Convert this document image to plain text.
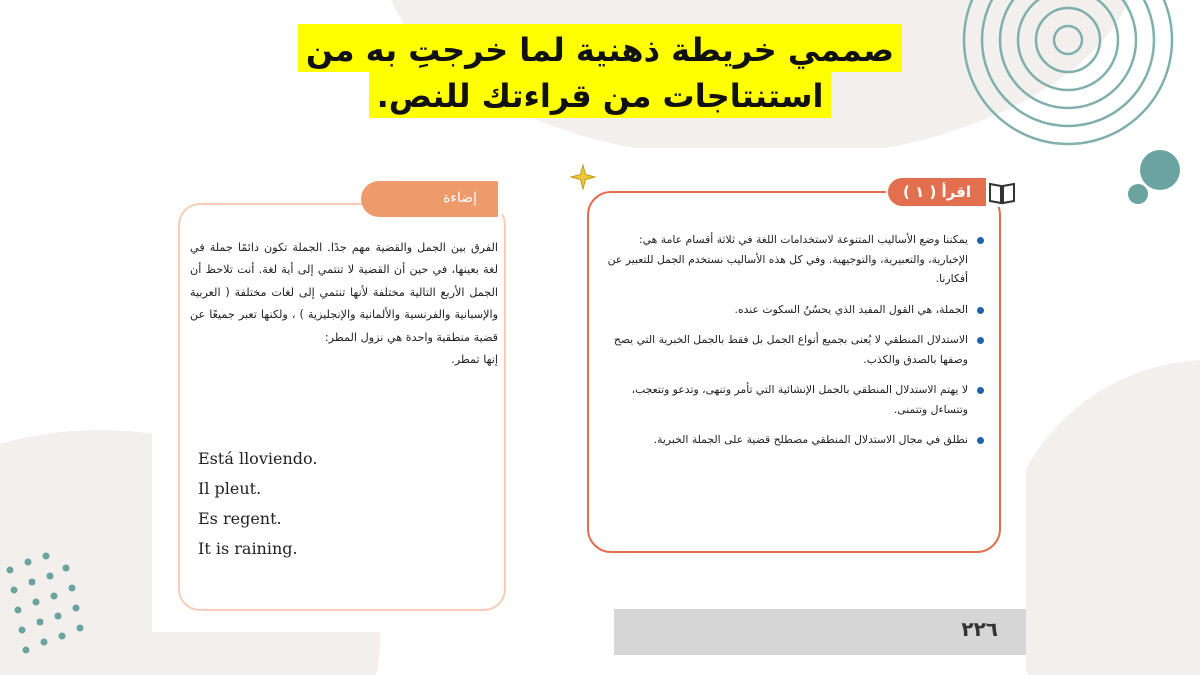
صممي خريطة ذهنية لما خرجتِ به من
استنتاجات من قراءتك للنص.
إضاءة

الفرق بين الجمل والقضية مهم جدًا. الجملة تكون دائمًا جملة في لغة بعينها، في حين أن القضية لا تنتمي إلى أية لغة. أنت تلاحظ أن الجمل الأربع التالية مختلفة لأنها تنتمي إلى لغات مختلفة ( العربية والإسبانية والفرنسية والألمانية والإنجليزية ) ، ولكنها تعبر جميعًا عن قضية منطقية واحدة هي نزول المطر:
إنها تمطر.

Está lloviendo.
Il pleut.
Es regent.
It is raining.
اقرأ ( ١ )
يمكننا وضع الأساليب المتنوعة لاستخدامات اللغة في ثلاثة أقسام عامة هي: الإخبارية، والتعبيرية، والتوجيهية. وفي كل هذه الأساليب نستخدم الجمل للتعبير عن أفكارنا.
الجملة، هي القول المفيد الذي يحسُنُ السكوت عنده.
الاستدلال المنطقي لا يُعنى بجميع أنواع الجمل بل فقط بالجمل الخبرية التي يصح وصفها بالصدق والكذب.
لا يهتم الاستدلال المنطقي بالجمل الإنشائية التي تأمر وتنهى، وتدعو وتتعجب، وتتساءل وتتمنى.
نطلق في مجال الاستدلال المنطقي مصطلح قضية على الجملة الخبرية.
٢٢٦
